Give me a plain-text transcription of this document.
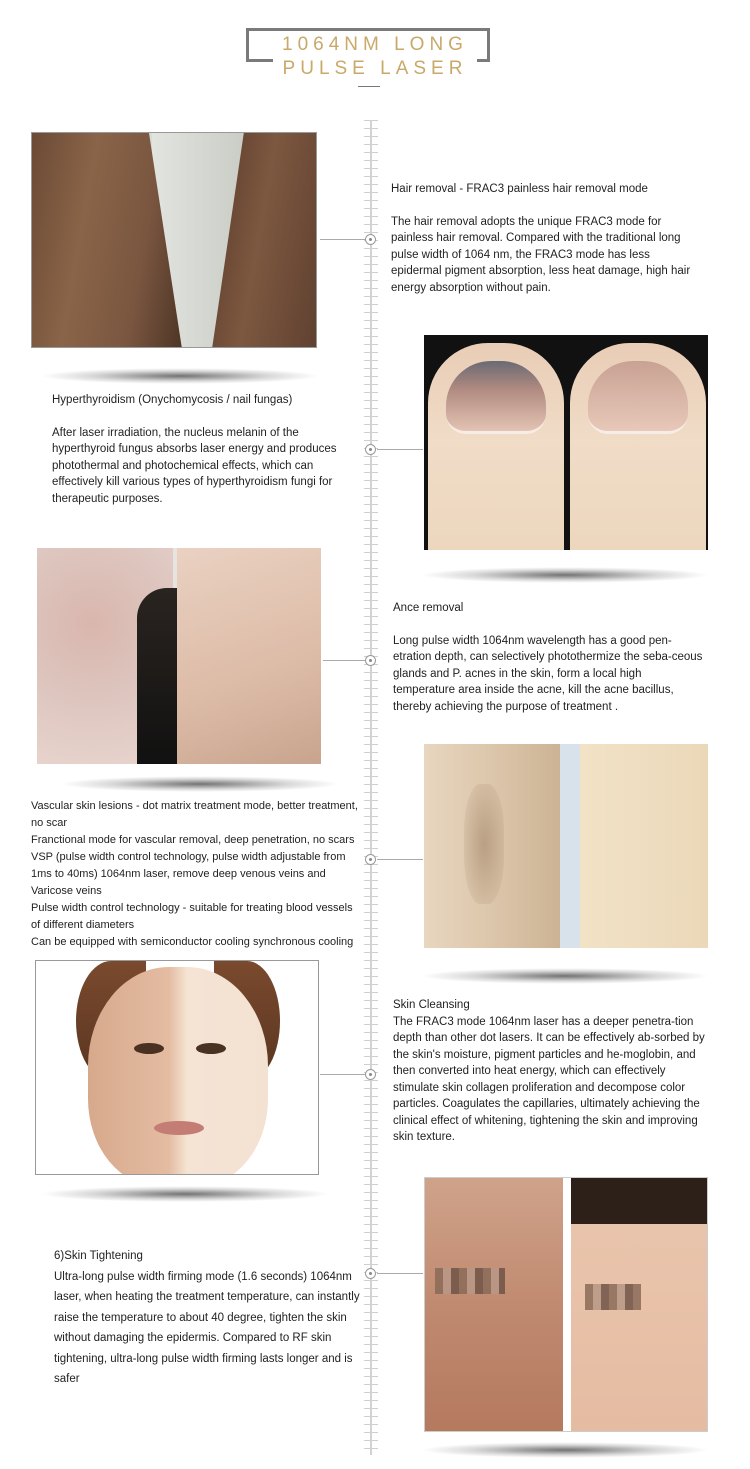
1064NM LONG
PULSE LASER

Hair removal - FRAC3 painless hair removal mode

The hair removal adopts the unique FRAC3 mode for painless hair removal. Compared with the traditional long pulse width of 1064 nm, the FRAC3 mode has less epidermal pigment absorption, less heat damage, high hair energy absorption without pain.

Hyperthyroidism (Onychomycosis / nail fungas)

After laser irradiation, the nucleus melanin of the hyperthyroid fungus absorbs laser energy and produces photothermal and photochemical effects, which can effectively kill various types of hyperthyroidism fungi for therapeutic purposes.

Ance removal

Long pulse width 1064nm wavelength has a good pen-etration depth, can selectively photothermize the seba-ceous glands and P. acnes in the skin, form a local high temperature area inside the acne, kill the acne bacillus, thereby achieving the purpose of treatment .

Vascular skin lesions - dot matrix treatment mode, better treatment, no scar

Franctional mode for vascular removal, deep penetration, no scars

VSP (pulse width control technology, pulse width adjustable from 1ms to 40ms) 1064nm laser, remove deep venous veins and Varicose veins

Pulse width control technology - suitable for treating blood vessels of different diameters

Can be equipped with semiconductor cooling synchronous cooling

Skin Cleansing

The FRAC3 mode 1064nm laser has a deeper penetra-tion depth than other dot lasers. It can be effectively ab-sorbed by the skin's moisture, pigment particles and he-moglobin, and then converted into heat energy, which can effectively stimulate skin collagen proliferation and decompose color particles. Coagulates the capillaries, ultimately achieving the clinical effect of whitening, tightening the skin and improving skin texture.

6)Skin Tightening

Ultra-long pulse width firming mode (1.6 seconds) 1064nm laser, when heating the treatment temperature, can instantly raise the temperature to about 40 degree, tighten the skin without damaging the epidermis. Compared to RF skin tightening, ultra-long pulse width firming lasts longer and is safer
